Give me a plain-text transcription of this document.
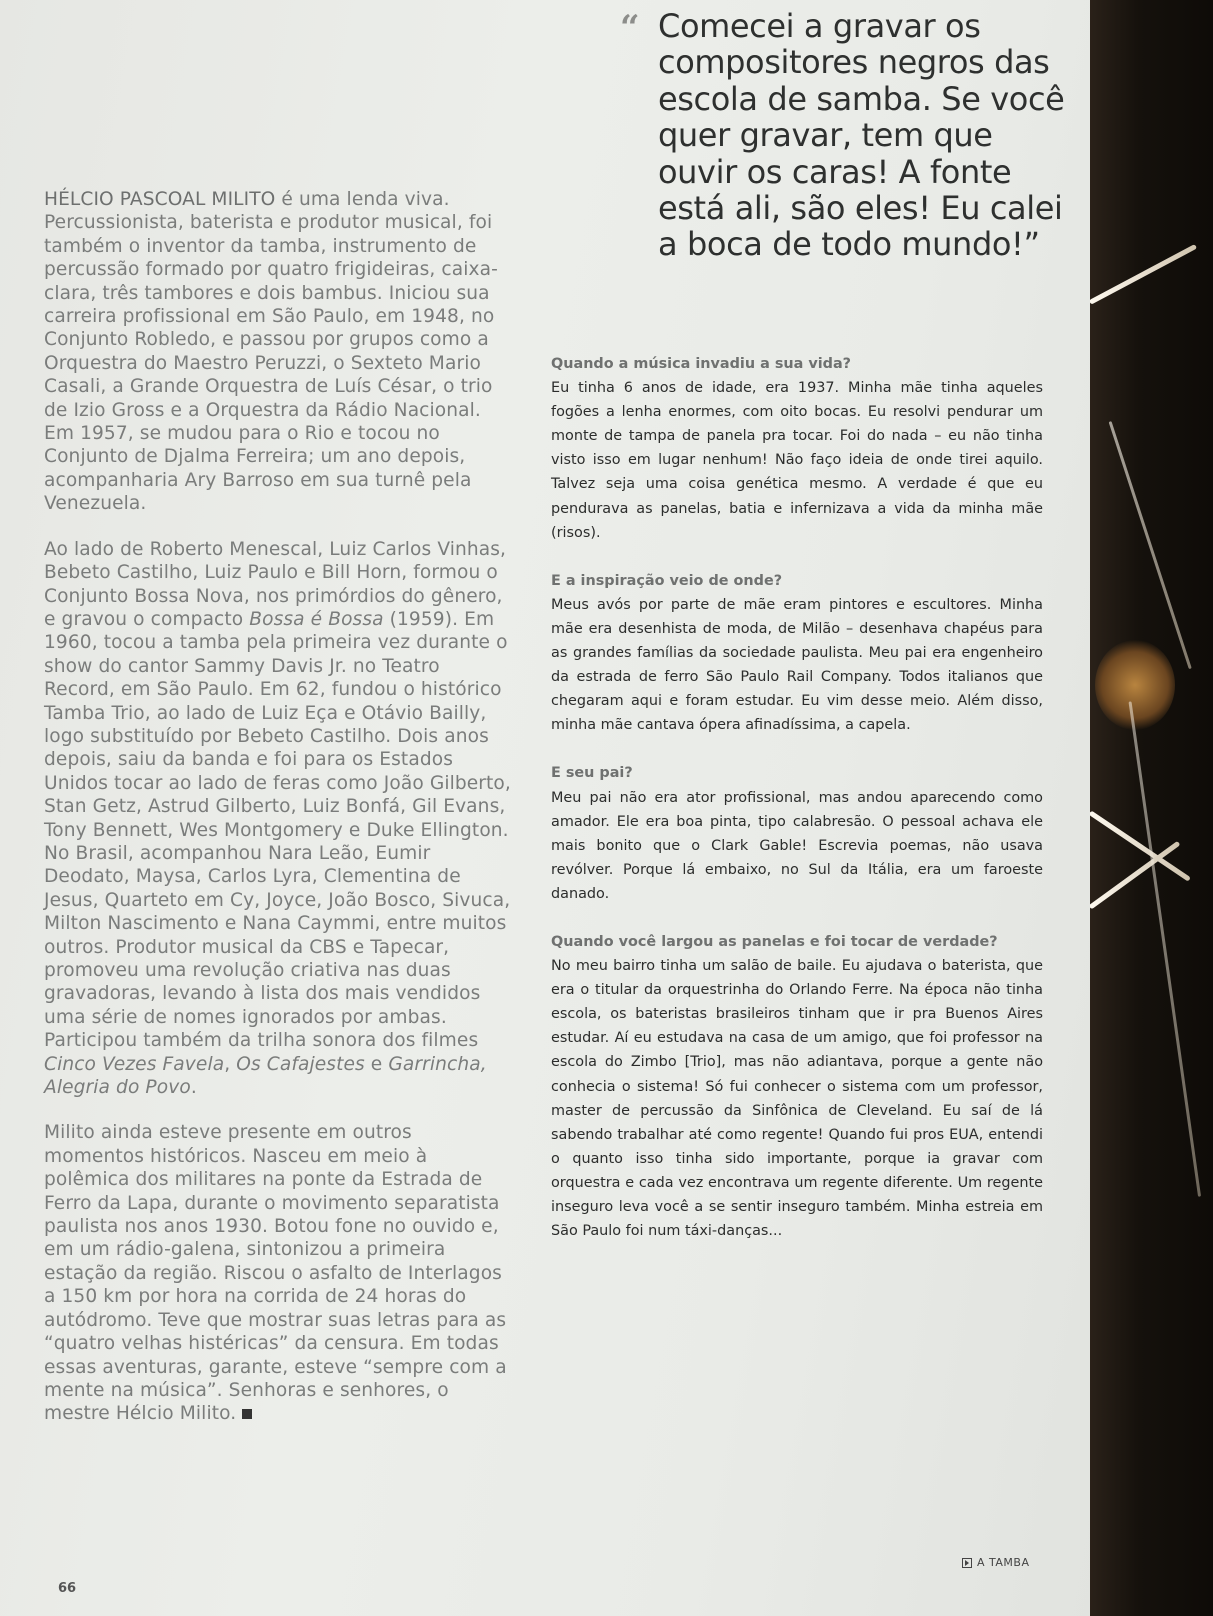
“ Comecei a gravar os compositores negros das escola de samba. Se você quer gravar, tem que ouvir os caras! A fonte está ali, são eles! Eu calei a boca de todo mundo!”

HÉLCIO PASCOAL MILITO é uma lenda viva. Percussionista, baterista e produtor musical, foi também o inventor da tamba, instrumento de percussão formado por quatro frigideiras, caixa-clara, três tambores e dois bambus. Iniciou sua carreira profissional em São Paulo, em 1948, no Conjunto Robledo, e passou por grupos como a Orquestra do Maestro Peruzzi, o Sexteto Mario Casali, a Grande Orquestra de Luís César, o trio de Izio Gross e a Orquestra da Rádio Nacional. Em 1957, se mudou para o Rio e tocou no Conjunto de Djalma Ferreira; um ano depois, acompanharia Ary Barroso em sua turnê pela Venezuela.

Ao lado de Roberto Menescal, Luiz Carlos Vinhas, Bebeto Castilho, Luiz Paulo e Bill Horn, formou o Conjunto Bossa Nova, nos primórdios do gênero, e gravou o compacto Bossa é Bossa (1959). Em 1960, tocou a tamba pela primeira vez durante o show do cantor Sammy Davis Jr. no Teatro Record, em São Paulo. Em 62, fundou o histórico Tamba Trio, ao lado de Luiz Eça e Otávio Bailly, logo substituído por Bebeto Castilho. Dois anos depois, saiu da banda e foi para os Estados Unidos tocar ao lado de feras como João Gilberto, Stan Getz, Astrud Gilberto, Luiz Bonfá, Gil Evans, Tony Bennett, Wes Montgomery e Duke Ellington. No Brasil, acompanhou Nara Leão, Eumir Deodato, Maysa, Carlos Lyra, Clementina de Jesus, Quarteto em Cy, Joyce, João Bosco, Sivuca, Milton Nascimento e Nana Caymmi, entre muitos outros. Produtor musical da CBS e Tapecar, promoveu uma revolução criativa nas duas gravadoras, levando à lista dos mais vendidos uma série de nomes ignorados por ambas. Participou também da trilha sonora dos filmes Cinco Vezes Favela, Os Cafajestes e Garrincha, Alegria do Povo.

Milito ainda esteve presente em outros momentos históricos. Nasceu em meio à polêmica dos militares na ponte da Estrada de Ferro da Lapa, durante o movimento separatista paulista nos anos 1930. Botou fone no ouvido e, em um rádio-galena, sintonizou a primeira estação da região. Riscou o asfalto de Interlagos a 150 km por hora na corrida de 24 horas do autódromo. Teve que mostrar suas letras para as “quatro velhas histéricas” da censura. Em todas essas aventuras, garante, esteve “sempre com a mente na música”. Senhoras e senhores, o mestre Hélcio Milito.

Quando a música invadiu a sua vida?

Eu tinha 6 anos de idade, era 1937. Minha mãe tinha aqueles fogões a lenha enormes, com oito bocas. Eu resolvi pendurar um monte de tampa de panela pra tocar. Foi do nada – eu não tinha visto isso em lugar nenhum! Não faço ideia de onde tirei aquilo. Talvez seja uma coisa genética mesmo. A verdade é que eu pendurava as panelas, batia e infernizava a vida da minha mãe (risos).

E a inspiração veio de onde?

Meus avós por parte de mãe eram pintores e escultores. Minha mãe era desenhista de moda, de Milão – desenhava chapéus para as grandes famílias da sociedade paulista. Meu pai era engenheiro da estrada de ferro São Paulo Rail Company. Todos italianos que chegaram aqui e foram estudar. Eu vim desse meio. Além disso, minha mãe cantava ópera afinadíssima, a capela.

E seu pai?

Meu pai não era ator profissional, mas andou aparecendo como amador. Ele era boa pinta, tipo calabresão. O pessoal achava ele mais bonito que o Clark Gable! Escrevia poemas, não usava revólver. Porque lá embaixo, no Sul da Itália, era um faroeste danado.

Quando você largou as panelas e foi tocar de verdade?

No meu bairro tinha um salão de baile. Eu ajudava o baterista, que era o titular da orquestrinha do Orlando Ferre. Na época não tinha escola, os bateristas brasileiros tinham que ir pra Buenos Aires estudar. Aí eu estudava na casa de um amigo, que foi professor na escola do Zimbo [Trio], mas não adiantava, porque a gente não conhecia o sistema! Só fui conhecer o sistema com um professor, master de percussão da Sinfônica de Cleveland. Eu saí de lá sabendo trabalhar até como regente! Quando fui pros EUA, entendi o quanto isso tinha sido importante, porque ia gravar com orquestra e cada vez encontrava um regente diferente. Um regente inseguro leva você a se sentir inseguro também. Minha estreia em São Paulo foi num táxi-danças...

A TAMBA
66
